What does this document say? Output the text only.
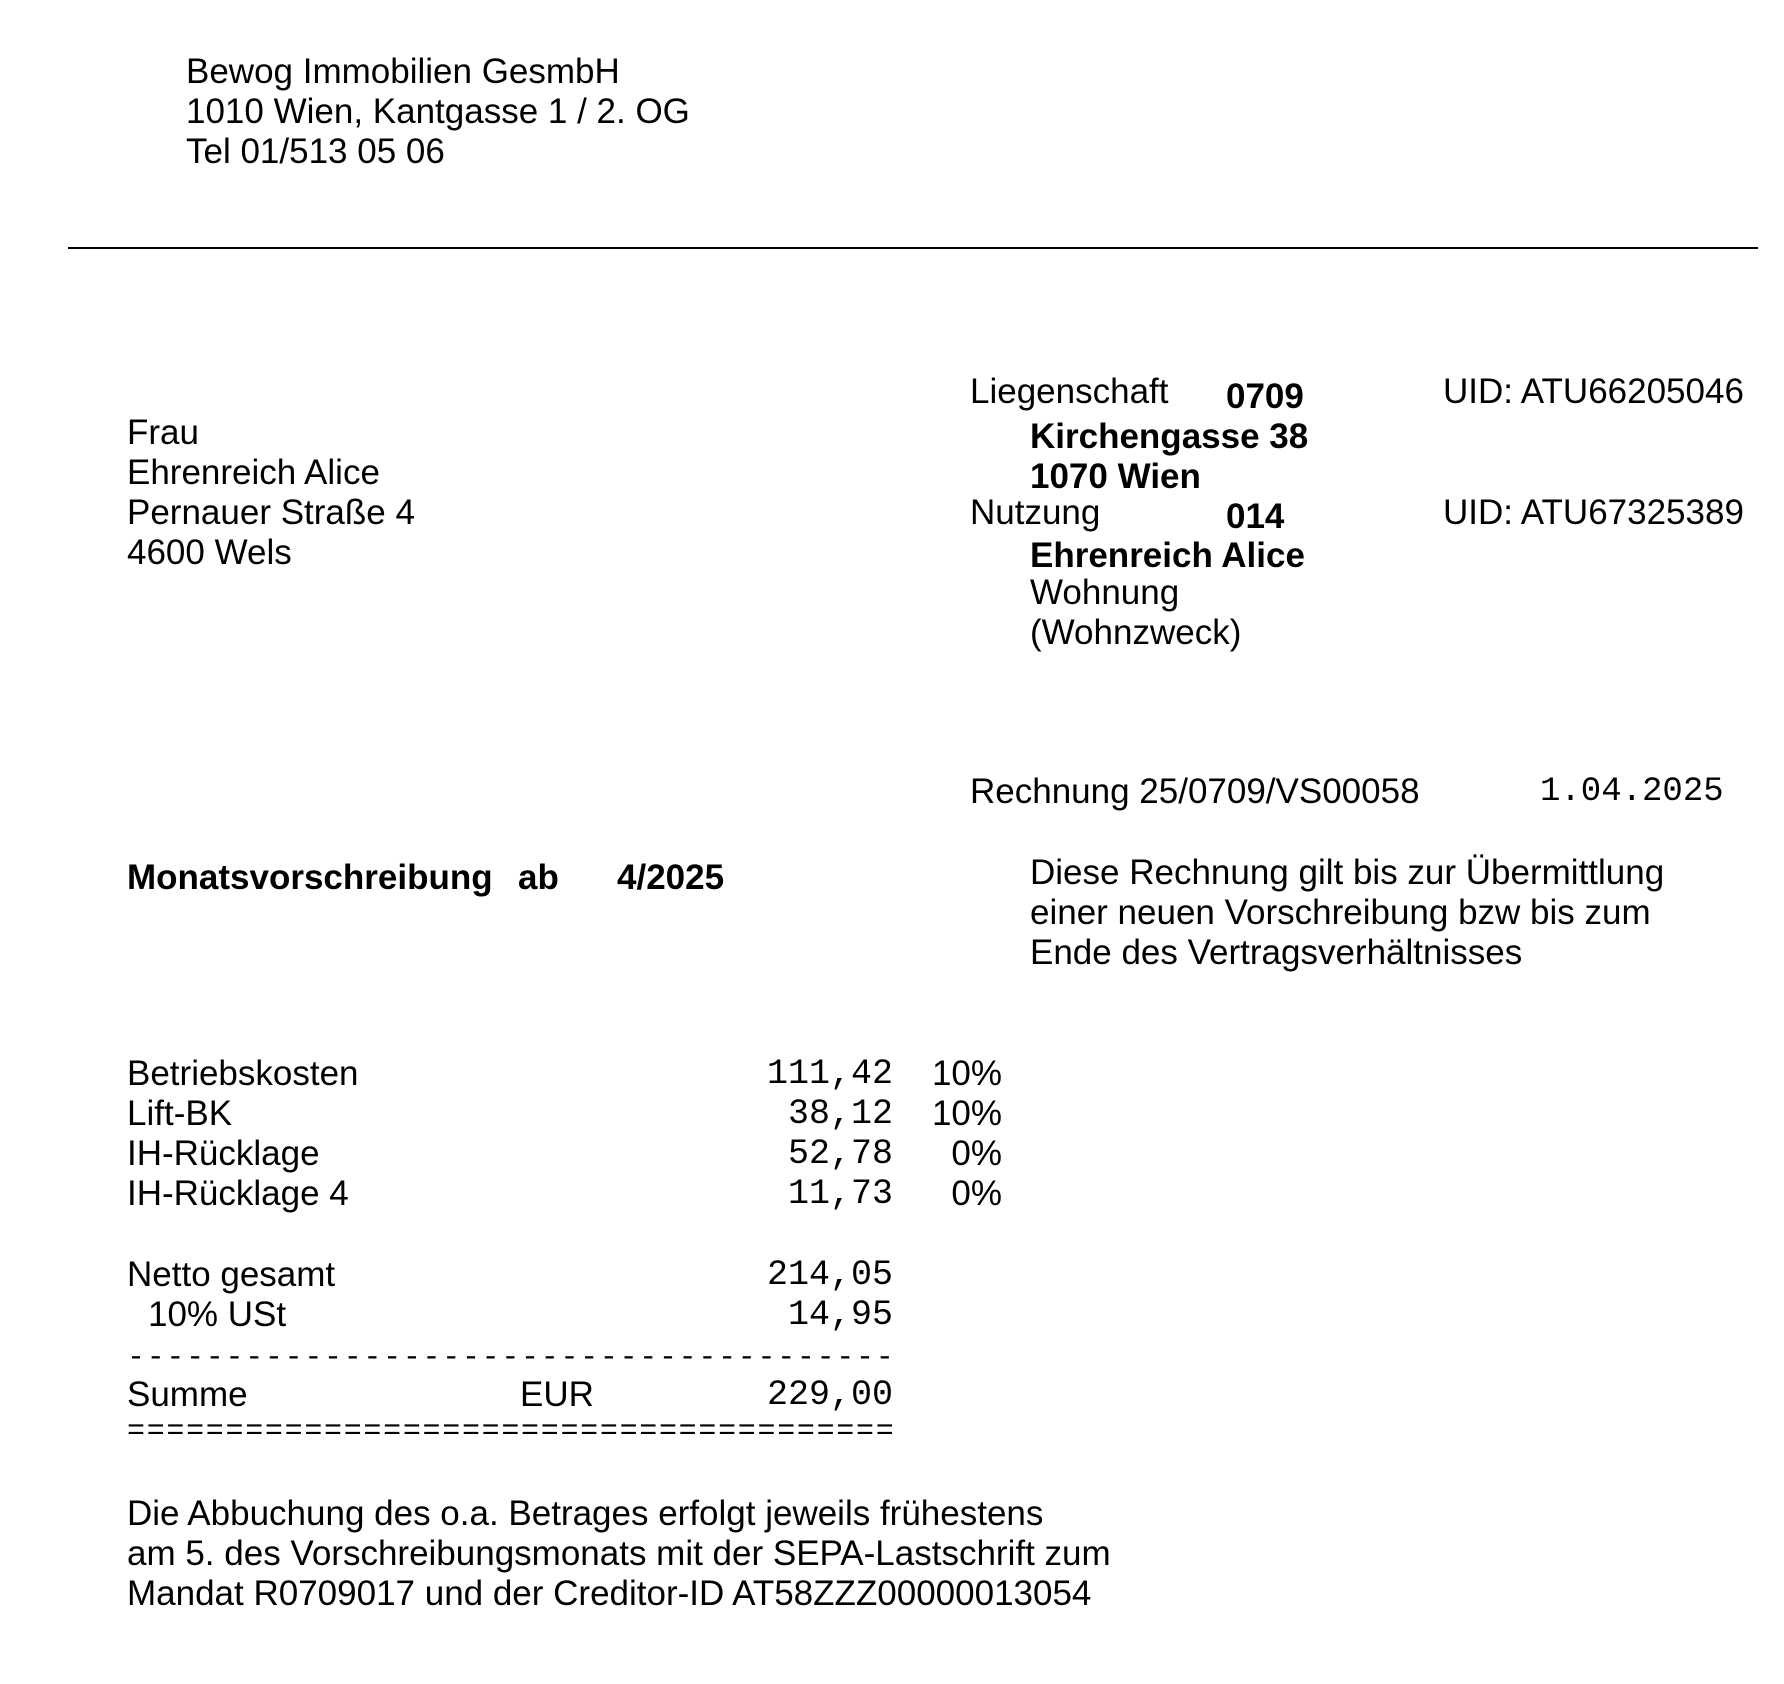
Bewog Immobilien GesmbH
1010 Wien, Kantgasse 1 / 2. OG
Tel 01/513 05 06
Frau
Ehrenreich Alice
Pernauer Straße 4
4600 Wels
Liegenschaft 0709	UID: ATU66205046
Kirchengasse 38
1070 Wien
Nutzung	014	UID: ATU67325389
Ehrenreich Alice
Wohnung
(Wohnzweck)
Rechnung 25/0709/VS00058	1.04.2025
Monatsvorschreibung ab 4/2025	Diese Rechnung gilt bis zur Übermittlung
einer neuen Vorschreibung bzw bis zum
Ende des Vertragsverhältnisses
Betriebskosten	111,42	10%
Lift-BK	38,12	10%
IH-Rücklage	52,78	0%
IH-Rücklage 4	11,73	0%
Netto gesamt	214,05
10% USt	14,95
---------------------------------------
Summe	EUR	229,00
=======================================
Die Abbuchung des o.a. Betrages erfolgt jeweils frühestens
am 5. des Vorschreibungsmonats mit der SEPA-Lastschrift zum
Mandat R0709017 und der Creditor-ID AT58ZZZ00000013054
